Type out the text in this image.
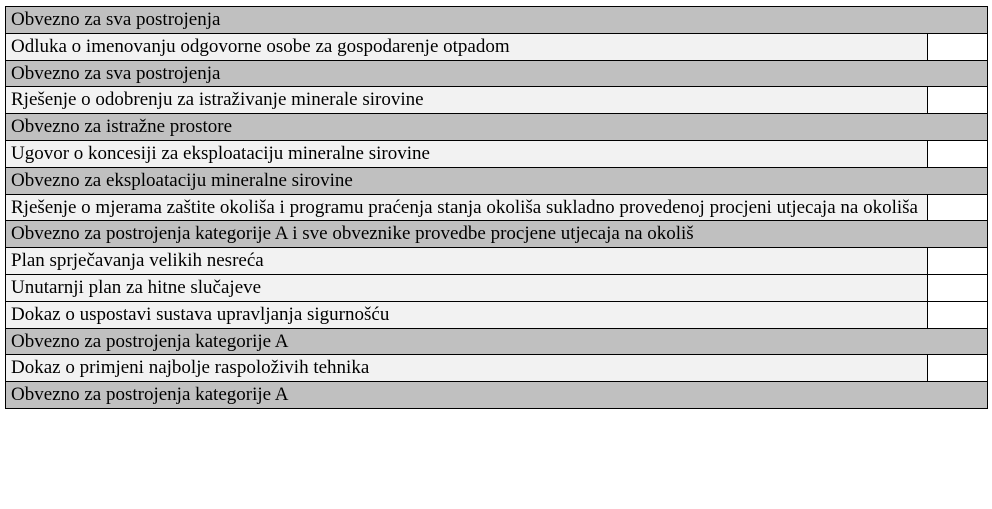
Obvezno za sva postrojenja	
Odluka o imenovanju odgovorne osobe za gospodarenje otpadom	
Obvezno za sva postrojenja	
Rješenje o odobrenju za istraživanje minerale sirovine	
Obvezno za istražne prostore	
Ugovor o koncesiji za eksploataciju mineralne sirovine	
Obvezno za eksploataciju mineralne sirovine	
Rješenje o mjerama zaštite okoliša i programu praćenja stanja okoliša sukladno provedenoj procjeni utjecaja na okoliša	
Obvezno za postrojenja kategorije A i sve obveznike provedbe procjene utjecaja na okoliš	
Plan sprječavanja velikih nesreća	
Unutarnji plan za hitne slučajeve	
Dokaz o uspostavi sustava upravljanja sigurnošću	
Obvezno za postrojenja kategorije A	
Dokaz o primjeni najbolje raspoloživih tehnika	
Obvezno za postrojenja kategorije A	
